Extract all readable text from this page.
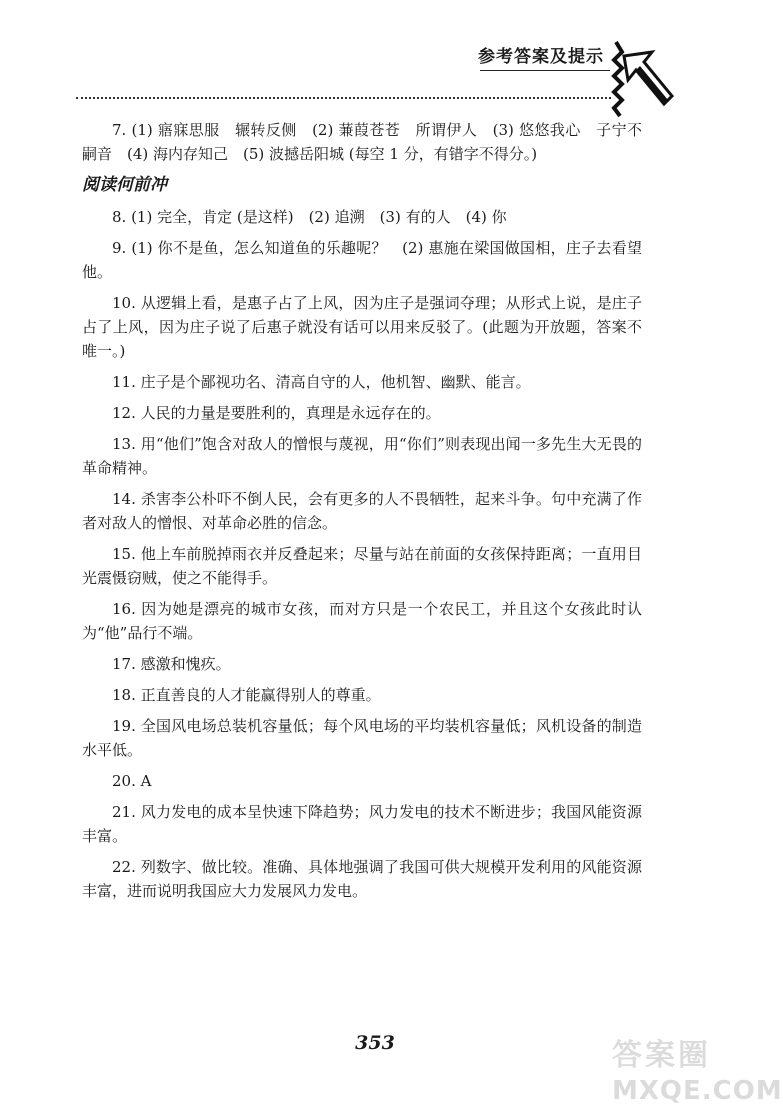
参考答案及提示

7. (1) 寤寐思服　辗转反侧　(2) 蒹葭苍苍　所谓伊人　(3) 悠悠我心　子宁不嗣音　(4) 海内存知己　(5) 波撼岳阳城 (每空 1 分，有错字不得分。)

阅读何前冲

8. (1) 完全，肯定 (是这样)　(2) 追溯　(3) 有的人　(4) 你

9. (1) 你不是鱼，怎么知道鱼的乐趣呢？　(2) 惠施在梁国做国相，庄子去看望他。

10. 从逻辑上看，是惠子占了上风，因为庄子是强词夺理；从形式上说，是庄子占了上风，因为庄子说了后惠子就没有话可以用来反驳了。(此题为开放题，答案不唯一。)

11. 庄子是个鄙视功名、清高自守的人，他机智、幽默、能言。

12. 人民的力量是要胜利的，真理是永远存在的。

13. 用“他们”饱含对敌人的憎恨与蔑视，用“你们”则表现出闻一多先生大无畏的革命精神。

14. 杀害李公朴吓不倒人民，会有更多的人不畏牺牲，起来斗争。句中充满了作者对敌人的憎恨、对革命必胜的信念。

15. 他上车前脱掉雨衣并反叠起来；尽量与站在前面的女孩保持距离；一直用目光震慑窃贼，使之不能得手。

16. 因为她是漂亮的城市女孩，而对方只是一个农民工，并且这个女孩此时认为“他”品行不端。

17. 感激和愧疚。

18. 正直善良的人才能赢得别人的尊重。

19. 全国风电场总装机容量低；每个风电场的平均装机容量低；风机设备的制造水平低。

20. A

21. 风力发电的成本呈快速下降趋势；风力发电的技术不断进步；我国风能资源丰富。

22. 列数字、做比较。准确、具体地强调了我国可供大规模开发利用的风能资源丰富，进而说明我国应大力发展风力发电。

353	答案圈
MXQE.COM
